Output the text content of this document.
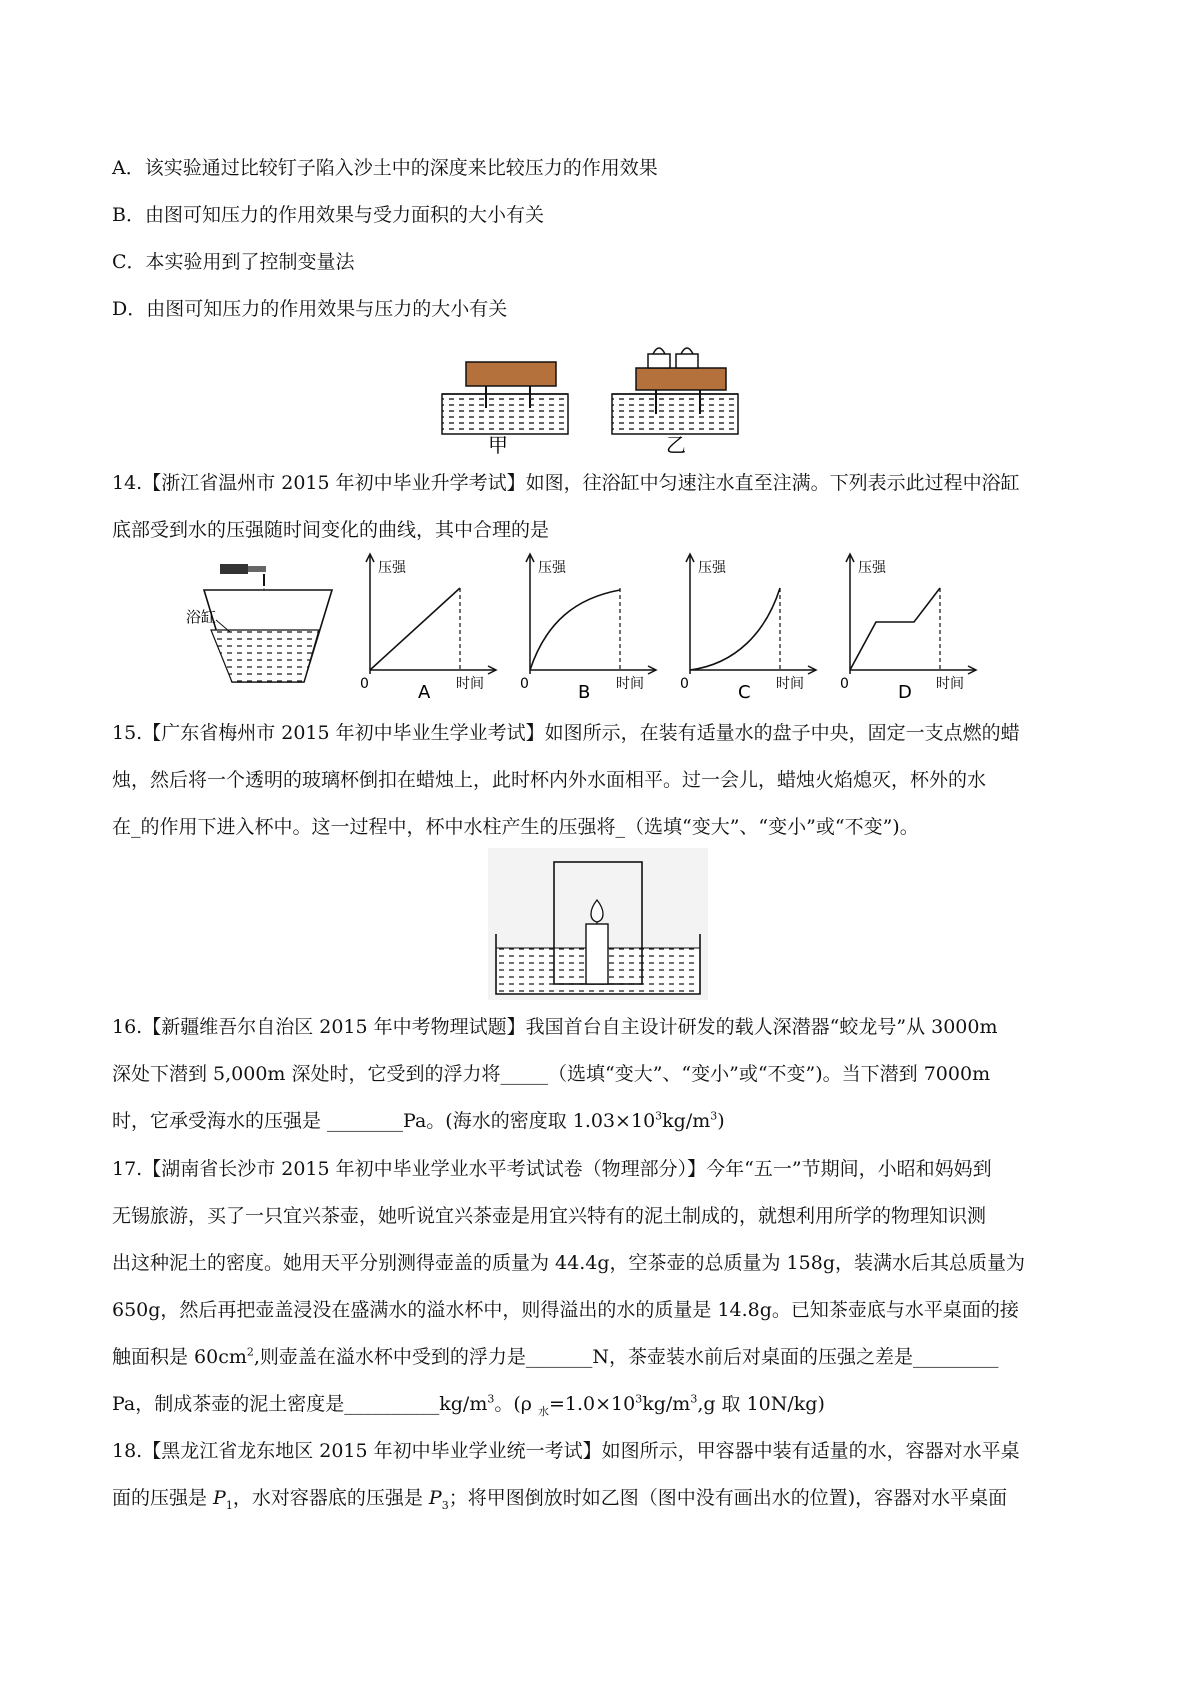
A．该实验通过比较钉子陷入沙土中的深度来比较压力的作用效果
B．由图可知压力的作用效果与受力面积的大小有关
C．本实验用到了控制变量法
D．由图可知压力的作用效果与压力的大小有关
甲	乙
14.【浙江省温州市 2015 年初中毕业升学考试】如图，往浴缸中匀速注水直至注满。下列表示此过程中浴缸
底部受到水的压强随时间变化的曲线，其中合理的是
浴缸
压强
0	时间
A
压强
0	时间
B
压强
0	时间
C
压强
0	时间
D
15.【广东省梅州市 2015 年初中毕业生学业考试】如图所示，在装有适量水的盘子中央，固定一支点燃的蜡
烛，然后将一个透明的玻璃杯倒扣在蜡烛上，此时杯内外水面相平。过一会儿，蜡烛火焰熄灭，杯外的水
在_的作用下进入杯中。这一过程中，杯中水柱产生的压强将_（选填“变大”、“变小”或“不变”)。
16.【新疆维吾尔自治区 2015 年中考物理试题】我国首台自主设计研发的载人深潜器“蛟龙号”从 3000m
深处下潜到 5,000m 深处时，它受到的浮力将_____（选填“变大”、“变小”或“不变”)。当下潜到 7000m
时，它承受海水的压强是 ________Pa。(海水的密度取 $1.03\times 10^3kg/m^3$)
17.【湖南省长沙市 2015 年初中毕业学业水平考试试卷（物理部分）】今年“五一”节期间，小昭和妈妈到
无锡旅游，买了一只宜兴茶壶，她听说宜兴茶壶是用宜兴特有的泥土制成的，就想利用所学的物理知识测
出这种泥土的密度。她用天平分别测得壶盖的质量为 44.4g，空茶壶的总质量为 158g，装满水后其总质量为
650g，然后再把壶盖浸没在盛满水的溢水杯中，则得溢出的水的质量是 14.8g。已知茶壶底与水平桌面的接
触面积是 $60cm^2$,则壶盖在溢水杯中受到的浮力是_______N，茶壶装水前后对桌面的压强之差是_________
Pa，制成茶壶的泥土密度是$\_\_\_\_\_\_\_\_\_\_kg/m^3$。(ρ $_水=1.0\times 10^3kg/m^3,g$ 取 10N/kg)
18.【黑龙江省龙东地区 2015 年初中毕业学业统一考试】如图所示，甲容器中装有适量的水，容器对水平桌
面的压强是 $P_1$，水对容器底的压强是 $P_3$；将甲图倒放时如乙图（图中没有画出水的位置)，容器对水平桌面
